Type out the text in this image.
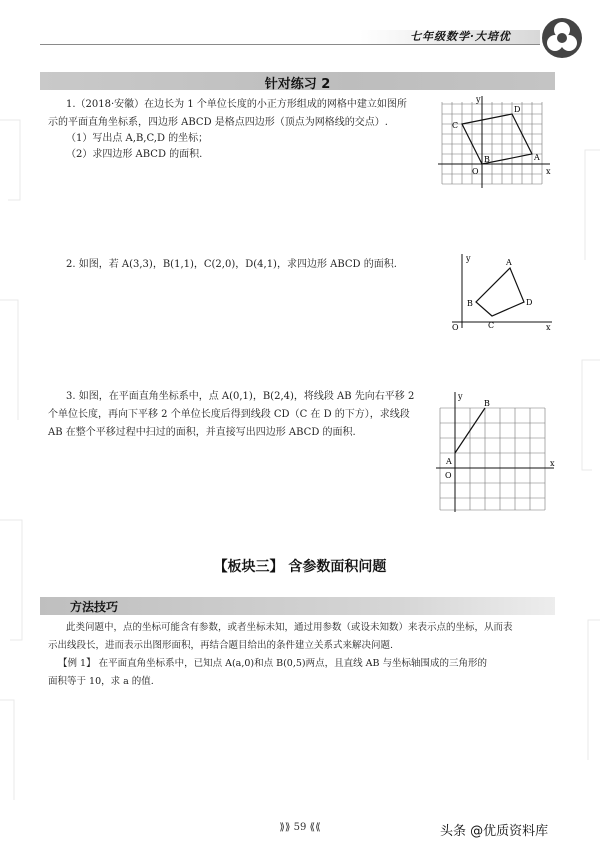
七年级数学·大培优
针对练习 2
1.（2018·安徽）在边长为 1 个单位长度的小正方形组成的网格中建立如图所
示的平面直角坐标系，四边形 ABCD 是格点四边形（顶点为网格线的交点）.
（1）写出点 A,B,C,D 的坐标；
（2）求四边形 ABCD 的面积.
y
x
O
A
B
C
D
2. 如图，若 A(3,3)，B(1,1)，C(2,0)，D(4,1)，求四边形 ABCD 的面积.
y
x
O
A
B
C
D
3. 如图，在平面直角坐标系中，点 A(0,1)，B(2,4)，将线段 AB 先向右平移 2
个单位长度，再向下平移 2 个单位长度后得到线段 CD（C 在 D 的下方），求线段
AB 在整个平移过程中扫过的面积，并直接写出四边形 ABCD 的面积.
y
x
O
A
B
【板块三】 含参数面积问题
方法技巧
此类问题中，点的坐标可能含有参数，或者坐标未知，通过用参数（或设未知数）来表示点的坐标，从而表
示出线段长，进而表示出图形面积，再结合题目给出的条件建立关系式来解决问题.
【例 1】 在平面直角坐标系中，已知点 A(a,0)和点 B(0,5)两点，且直线 AB 与坐标轴围成的三角形的
面积等于 10，求 a 的值.
⟫⟫ 59 ⟪⟪	头条 @优质资料库
